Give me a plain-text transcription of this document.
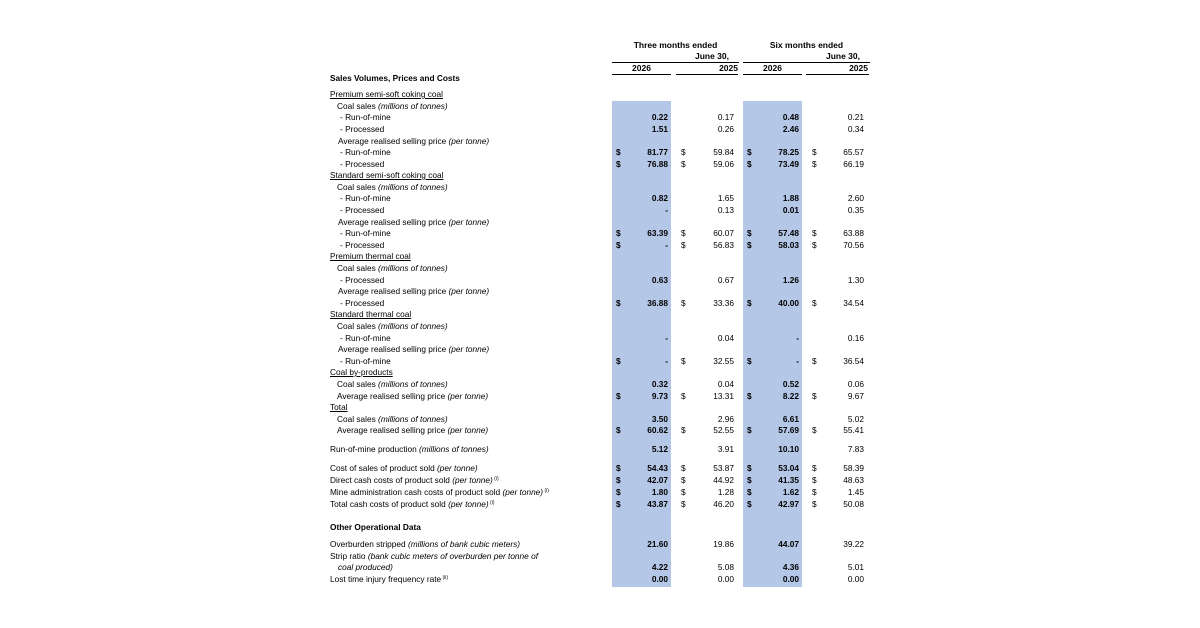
Three months ended
June 30,
Six months ended
June 30,
2026	2025	2026	2025
Sales Volumes, Prices and Costs
Premium semi-soft coking coal
Coal sales (millions of tonnes)
- Run-of-mine	0.22	0.17	0.48	0.21
- Processed	1.51	0.26	2.46	0.34
Average realised selling price (per tonne)
- Run-of-mine	$	81.77 $	59.84 $	78.25 $	65.57
- Processed	$	76.88 $	59.06 $	73.49 $	66.19
Standard semi-soft coking coal
Coal sales (millions of tonnes)
- Run-of-mine	0.82	1.65	1.88	2.60
- Processed	-	0.13	0.01	0.35
Average realised selling price (per tonne)
- Run-of-mine	$	63.39 $	60.07 $	57.48 $	63.88
- Processed	$	- $	56.83 $	58.03 $	70.56
Premium thermal coal
Coal sales (millions of tonnes)
- Processed	0.63	0.67	1.26	1.30
Average realised selling price (per tonne)
- Processed	$	36.88 $	33.36 $	40.00 $	34.54
Standard thermal coal
Coal sales (millions of tonnes)
- Run-of-mine	-	0.04	-	0.16
Average realised selling price (per tonne)
- Run-of-mine	$	- $	32.55 $	- $	36.54
Coal by-products
Coal sales (millions of tonnes)	0.32	0.04	0.52	0.06
Average realised selling price (per tonne)	$	9.73 $	13.31 $	8.22 $	9.67
Total
Coal sales (millions of tonnes)	3.50	2.96	6.61	5.02
Average realised selling price (per tonne)	$	60.62 $	52.55 $	57.69 $	55.41
Run-of-mine production (millions of tonnes)	5.12	3.91	10.10	7.83
Cost of sales of product sold (per tonne)	$	54.43 $	53.87 $	53.04 $	58.39
Direct cash costs of product sold (per tonne) $^{(i)}$	$	42.07 $	44.92 $	41.35 $	48.63
Mine administration cash costs of product sold (per tonne) $^{(i)}$	$	1.80 $	1.28 $	1.62 $	1.45
Total cash costs of product sold (per tonne) $^{(i)}$	$	43.87 $	46.20 $	42.97 $	50.08
Other Operational Data
Overburden stripped (millions of bank cubic meters)	21.60	19.86	44.07	39.22
Strip ratio (bank cubic meters of overburden per tonne of
coal produced)	4.22	5.08	4.36	5.01
Lost time injury frequency rate $^{(ii)}$	0.00	0.00	0.00	0.00
